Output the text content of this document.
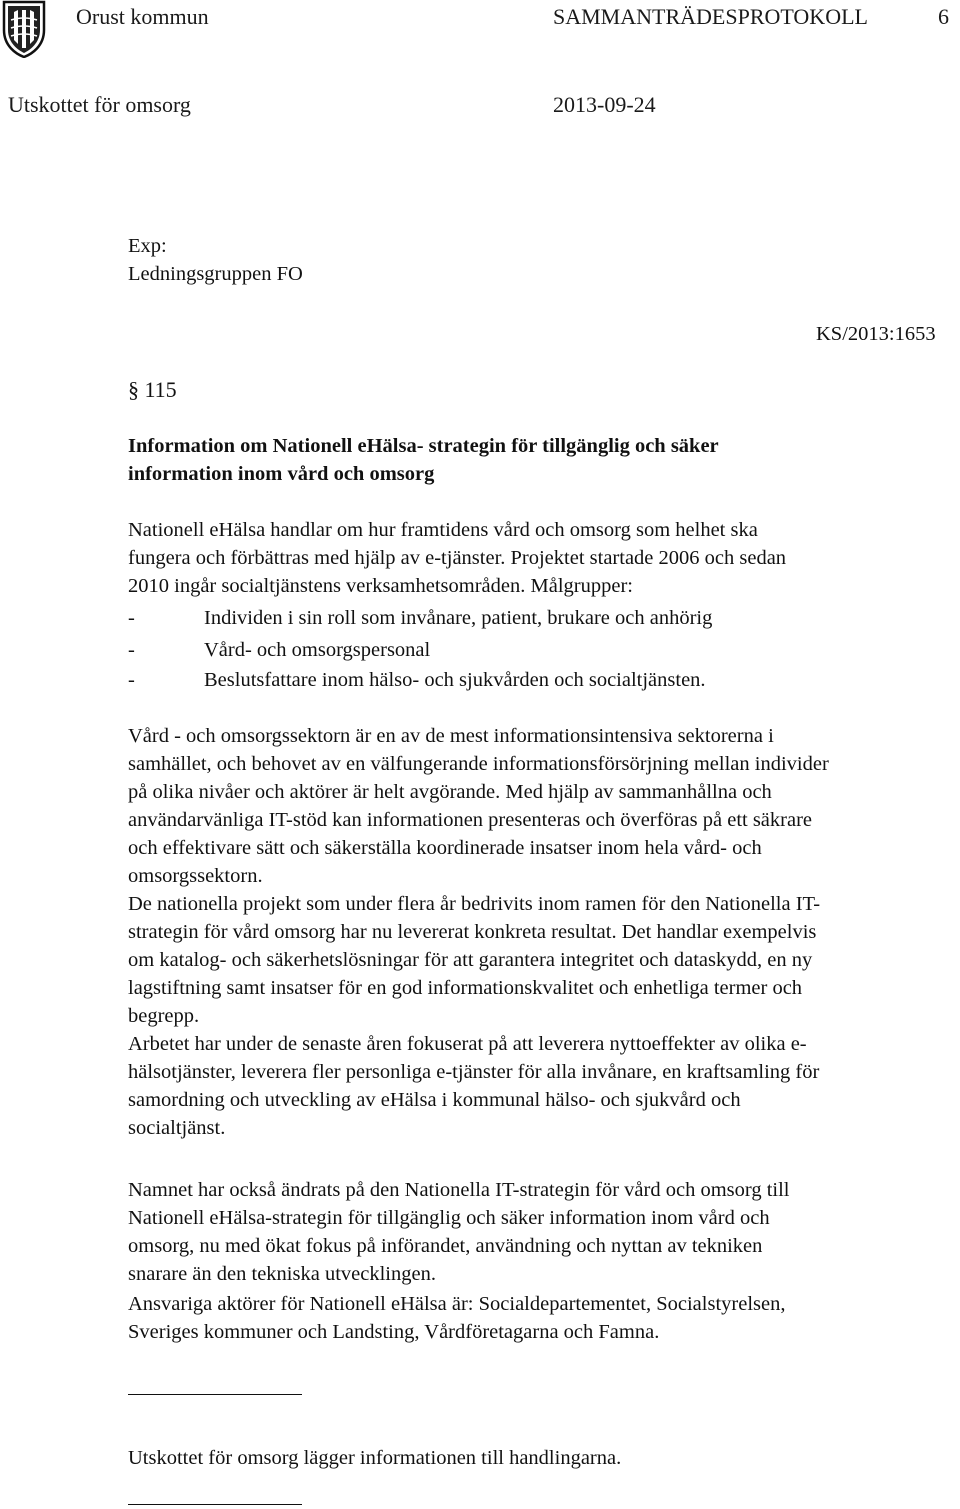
Orust kommun	SAMMANTRÄDESPROTOKOLL	6
Utskottet för omsorg	2013-09-24
Exp:
Ledningsgruppen FO
KS/2013:1653
§ 115
Information om Nationell eHälsa- strategin för tillgänglig och säker
information inom vård och omsorg
Nationell eHälsa handlar om hur framtidens vård och omsorg som helhet ska
fungera och förbättras med hjälp av e-tjänster. Projektet startade 2006 och sedan
2010 ingår socialtjänstens verksamhetsområden. Målgrupper:
-	Individen i sin roll som invånare, patient, brukare och anhörig
-	Vård- och omsorgspersonal
-	Beslutsfattare inom hälso- och sjukvården och socialtjänsten.
Vård - och omsorgssektorn är en av de mest informationsintensiva sektorerna i
samhället, och behovet av en välfungerande informationsförsörjning mellan individer
på olika nivåer och aktörer är helt avgörande. Med hjälp av sammanhållna och
användarvänliga IT-stöd kan informationen presenteras och överföras på ett säkrare
och effektivare sätt och säkerställa koordinerade insatser inom hela vård- och
omsorgssektorn.
De nationella projekt som under flera år bedrivits inom ramen för den Nationella IT-
strategin för vård omsorg har nu levererat konkreta resultat. Det handlar exempelvis
om katalog- och säkerhetslösningar för att garantera integritet och dataskydd, en ny
lagstiftning samt insatser för en god informationskvalitet och enhetliga termer och
begrepp.
Arbetet har under de senaste åren fokuserat på att leverera nyttoeffekter av olika e-
hälsotjänster, leverera fler personliga e-tjänster för alla invånare, en kraftsamling för
samordning och utveckling av eHälsa i kommunal hälso- och sjukvård och
socialtjänst.
Namnet har också ändrats på den Nationella IT-strategin för vård och omsorg till
Nationell eHälsa-strategin för tillgänglig och säker information inom vård och
omsorg, nu med ökat fokus på införandet, användning och nyttan av tekniken
snarare än den tekniska utvecklingen.
Ansvariga aktörer för Nationell eHälsa är: Socialdepartementet, Socialstyrelsen,
Sveriges kommuner och Landsting, Vårdföretagarna och Famna.
Utskottet för omsorg lägger informationen till handlingarna.
